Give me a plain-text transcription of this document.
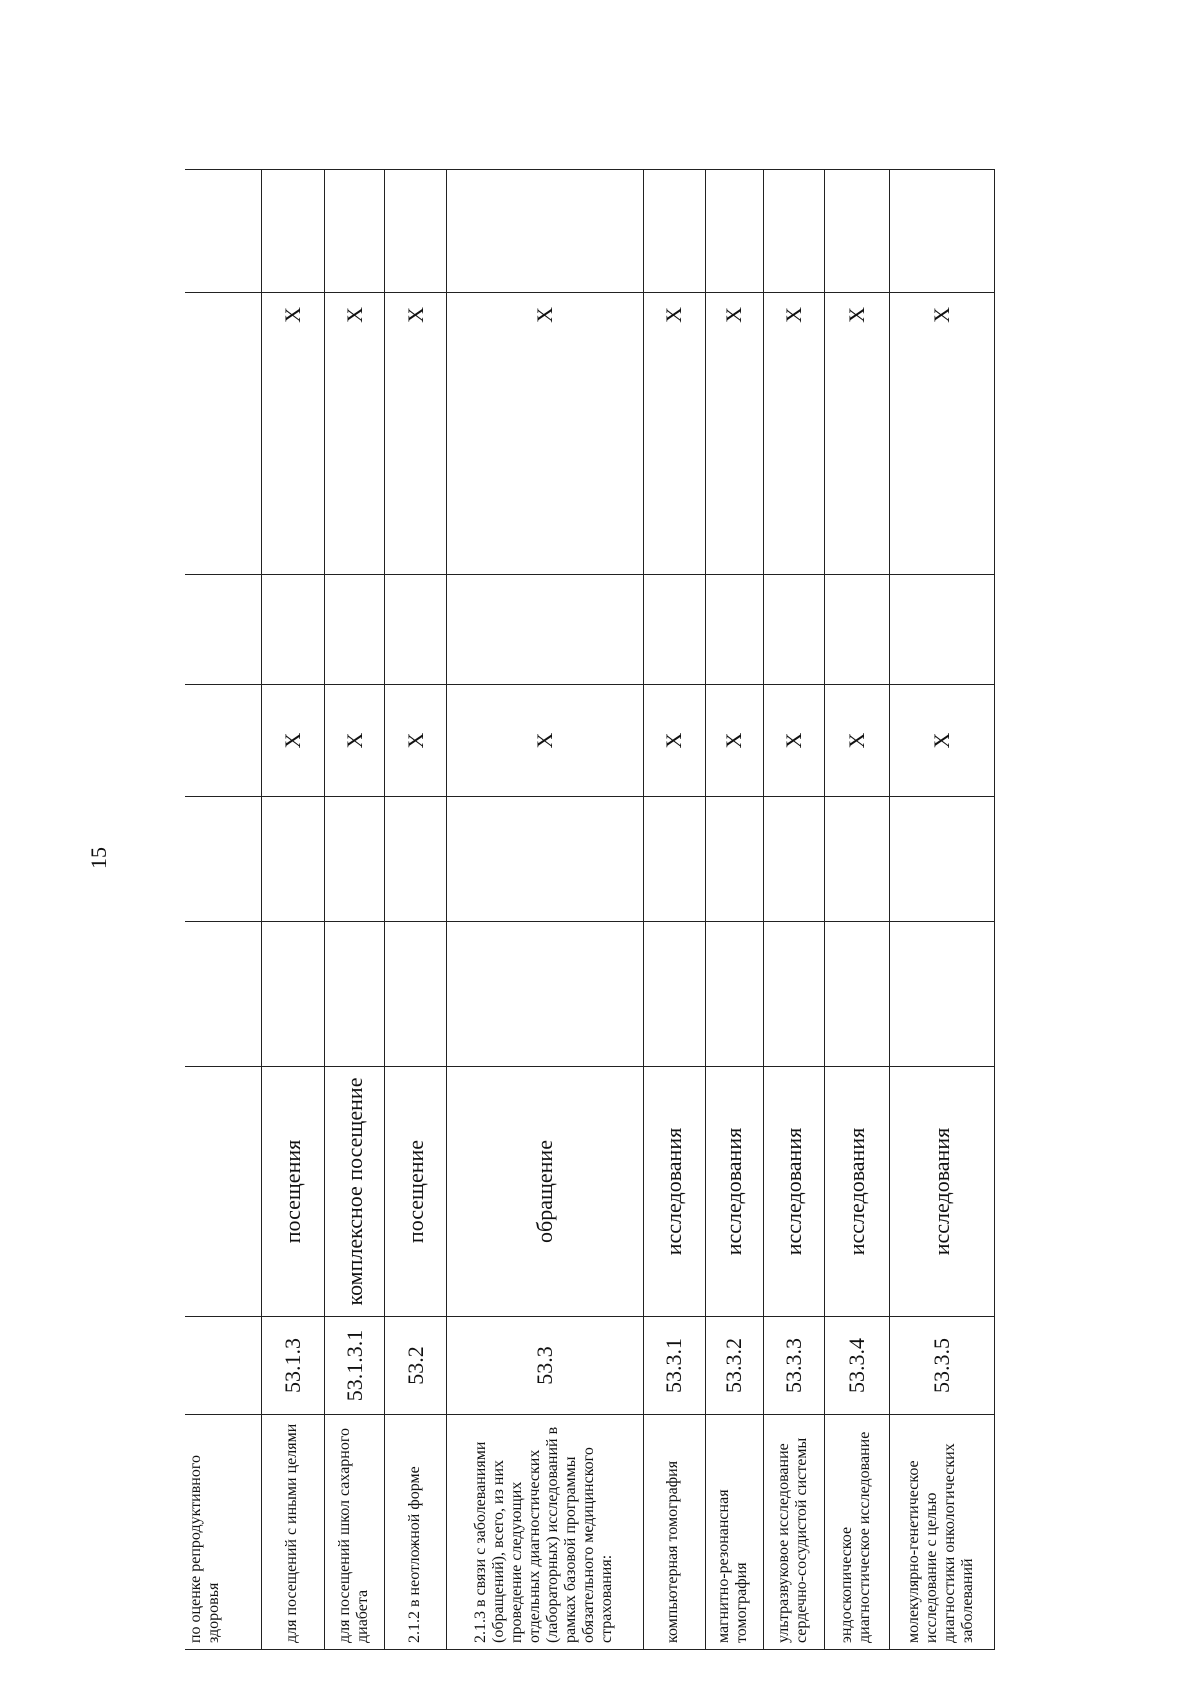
15
по оценке репродуктивного здоровья									
для посещений с иными целями	53.1.3	посещения			X		X		
для посещений школ сахарного диабета	53.1.3.1	комплексное посещение			X		X		
2.1.2 в неотложной форме	53.2	посещение			X		X		
2.1.3 в связи с заболеваниями (обращений), всего, из них проведение следующих отдельных диагностических (лабораторных) исследований в рамках базовой программы обязательного медицинского страхования:	53.3	обращение			X		X		
компьютерная томография	53.3.1	исследования			X		X		
магнитно-резонансная томография	53.3.2	исследования			X		X		
ультразвуковое исследование сердечно-сосудистой системы	53.3.3	исследования			X		X		
эндоскопическое диагностическое исследование	53.3.4	исследования			X		X		
молекулярно-генетическое исследование с целью диагностики онкологических заболеваний	53.3.5	исследования			X		X		
